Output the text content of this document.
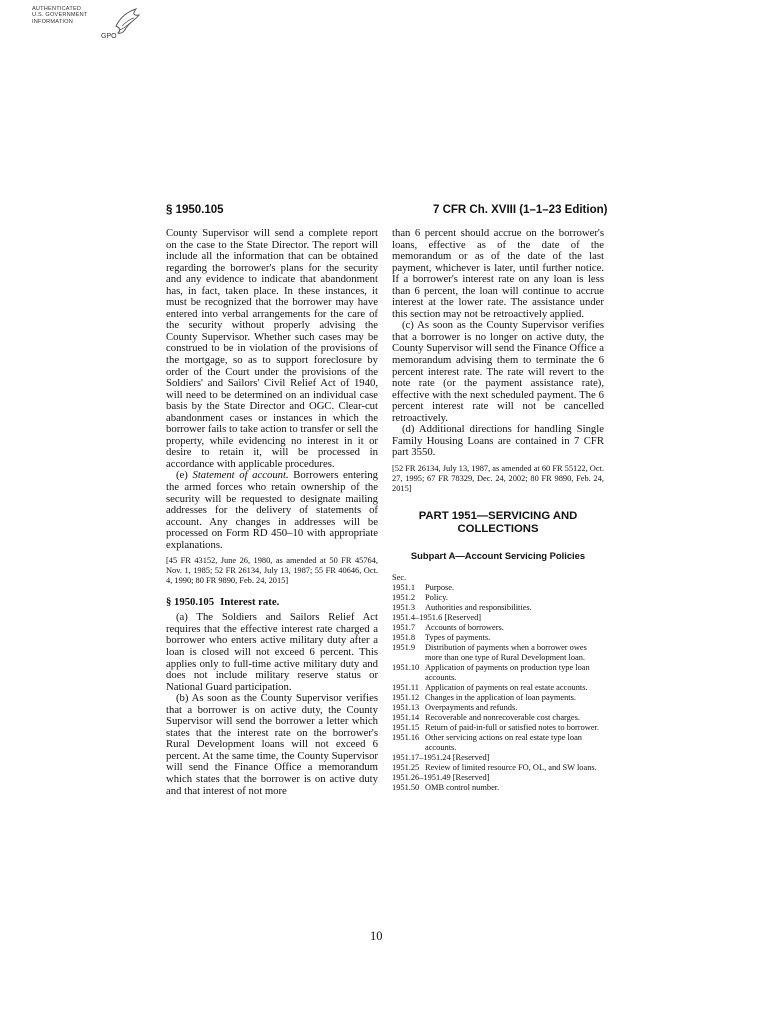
AUTHENTICATED
U.S. GOVERNMENT
INFORMATION
GPO
§ 1950.105	7 CFR Ch. XVIII (1–1–23 Edition)

County Supervisor will send a complete report on the case to the State Director. The report will include all the information that can be obtained regarding the borrower's plans for the security and any evidence to indicate that abandonment has, in fact, taken place. In these instances, it must be recognized that the borrower may have entered into verbal arrangements for the care of the security without properly advising the County Supervisor. Whether such cases may be construed to be in violation of the provisions of the mortgage, so as to support foreclosure by order of the Court under the provisions of the Soldiers' and Sailors' Civil Relief Act of 1940, will need to be determined on an individual case basis by the State Director and OGC. Clear-cut abandonment cases or instances in which the borrower fails to take action to transfer or sell the property, while evidencing no interest in it or desire to retain it, will be processed in accordance with applicable procedures.

(e) Statement of account. Borrowers entering the armed forces who retain ownership of the security will be requested to designate mailing addresses for the delivery of statements of account. Any changes in addresses will be processed on Form RD 450–10 with appropriate explanations.

[45 FR 43152, June 26, 1980, as amended at 50 FR 45764, Nov. 1, 1985; 52 FR 26134, July 13, 1987; 55 FR 40646, Oct. 4, 1990; 80 FR 9890, Feb. 24, 2015]

§ 1950.105 Interest rate.

(a) The Soldiers and Sailors Relief Act requires that the effective interest rate charged a borrower who enters active military duty after a loan is closed will not exceed 6 percent. This applies only to full-time active military duty and does not include military reserve status or National Guard participation.

(b) As soon as the County Supervisor verifies that a borrower is on active duty, the County Supervisor will send the borrower a letter which states that the interest rate on the borrower's Rural Development loans will not exceed 6 percent. At the same time, the County Supervisor will send the Finance Office a memorandum which states that the borrower is on active duty and that interest of not more

than 6 percent should accrue on the borrower's loans, effective as of the date of the memorandum or as of the date of the last payment, whichever is later, until further notice. If a borrower's interest rate on any loan is less than 6 percent, the loan will continue to accrue interest at the lower rate. The assistance under this section may not be retroactively applied.

(c) As soon as the County Supervisor verifies that a borrower is no longer on active duty, the County Supervisor will send the Finance Office a memorandum advising them to terminate the 6 percent interest rate. The rate will revert to the note rate (or the payment assistance rate), effective with the next scheduled payment. The 6 percent interest rate will not be cancelled retroactively.

(d) Additional directions for handling Single Family Housing Loans are contained in 7 CFR part 3550.

[52 FR 26134, July 13, 1987, as amended at 60 FR 55122, Oct. 27, 1995; 67 FR 78329, Dec. 24, 2002; 80 FR 9890, Feb. 24, 2015]

PART 1951—SERVICING AND
COLLECTIONS
Subpart A—Account Servicing Policies
Sec.
1951.1 Purpose.
1951.2 Policy.
1951.3 Authorities and responsibilities.
1951.4–1951.6 [Reserved]
1951.7 Accounts of borrowers.
1951.8 Types of payments.
1951.9 Distribution of payments when a borrower owes more than one type of Rural Development loan.
1951.10 Application of payments on production type loan accounts.
1951.11 Application of payments on real estate accounts.
1951.12 Changes in the application of loan payments.
1951.13 Overpayments and refunds.
1951.14 Recoverable and nonrecoverable cost charges.
1951.15 Return of paid-in-full or satisfied notes to borrower.
1951.16 Other servicing actions on real estate type loan accounts.
1951.17–1951.24 [Reserved]
1951.25 Review of limited resource FO, OL, and SW loans.
1951.26–1951.49 [Reserved]
1951.50 OMB control number.
10
